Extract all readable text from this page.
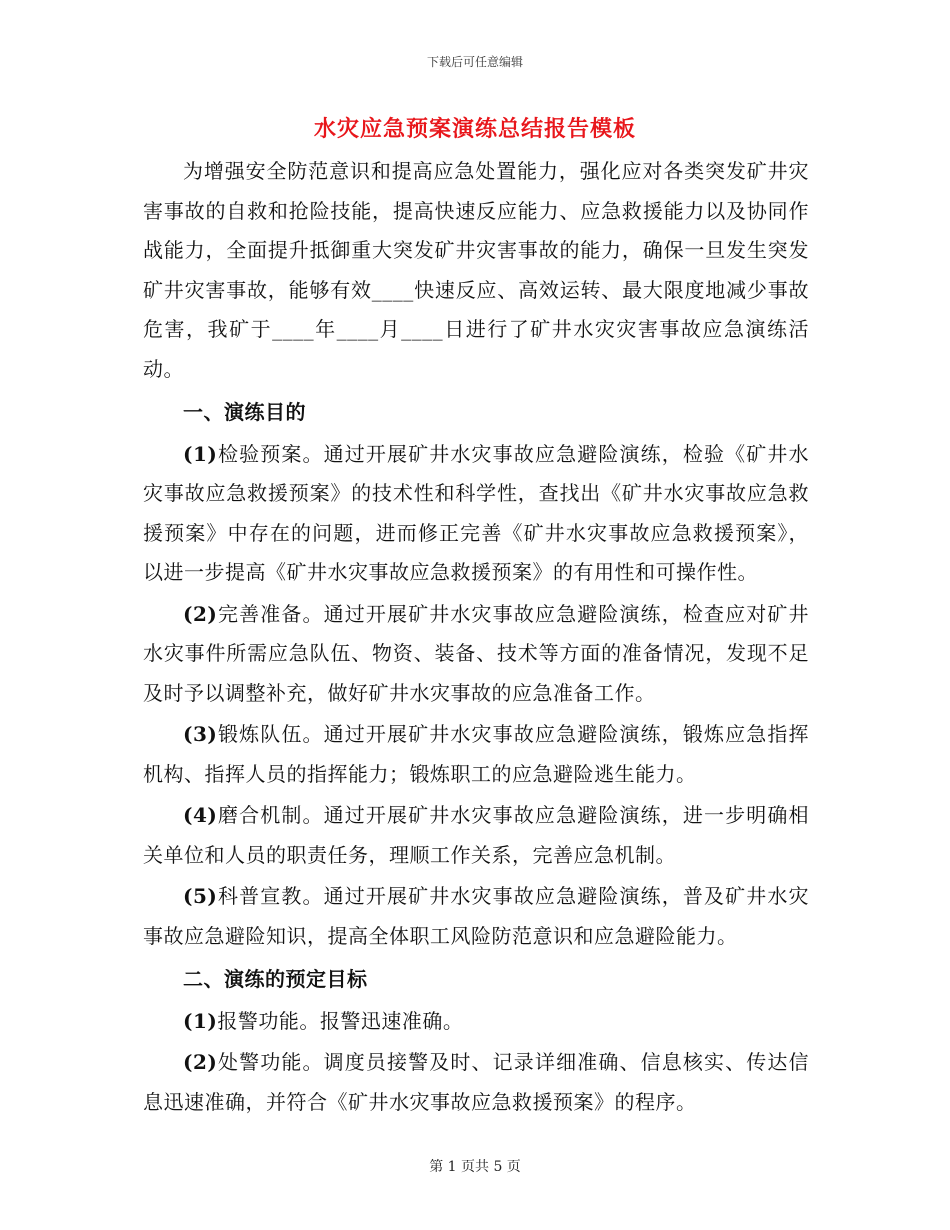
下载后可任意编辑
水灾应急预案演练总结报告模板

为增强安全防范意识和提高应急处置能力，强化应对各类突发矿井灾害事故的自救和抢险技能，提高快速反应能力、应急救援能力以及协同作战能力，全面提升抵御重大突发矿井灾害事故的能力，确保一旦发生突发矿井灾害事故，能够有效____快速反应、高效运转、最大限度地减少事故危害，我矿于____年____月____日进行了矿井水灾灾害事故应急演练活动。

一、演练目的

(1)检验预案。通过开展矿井水灾事故应急避险演练，检验《矿井水灾事故应急救援预案》的技术性和科学性，查找出《矿井水灾事故应急救援预案》中存在的问题，进而修正完善《矿井水灾事故应急救援预案》，以进一步提高《矿井水灾事故应急救援预案》的有用性和可操作性。

(2)完善准备。通过开展矿井水灾事故应急避险演练，检查应对矿井水灾事件所需应急队伍、物资、装备、技术等方面的准备情况，发现不足及时予以调整补充，做好矿井水灾事故的应急准备工作。

(3)锻炼队伍。通过开展矿井水灾事故应急避险演练，锻炼应急指挥机构、指挥人员的指挥能力；锻炼职工的应急避险逃生能力。

(4)磨合机制。通过开展矿井水灾事故应急避险演练，进一步明确相关单位和人员的职责任务，理顺工作关系，完善应急机制。

(5)科普宣教。通过开展矿井水灾事故应急避险演练，普及矿井水灾事故应急避险知识，提高全体职工风险防范意识和应急避险能力。

二、演练的预定目标

(1)报警功能。报警迅速准确。

(2)处警功能。调度员接警及时、记录详细准确、信息核实、传达信息迅速准确，并符合《矿井水灾事故应急救援预案》的程序。

第 1 页共 5 页
